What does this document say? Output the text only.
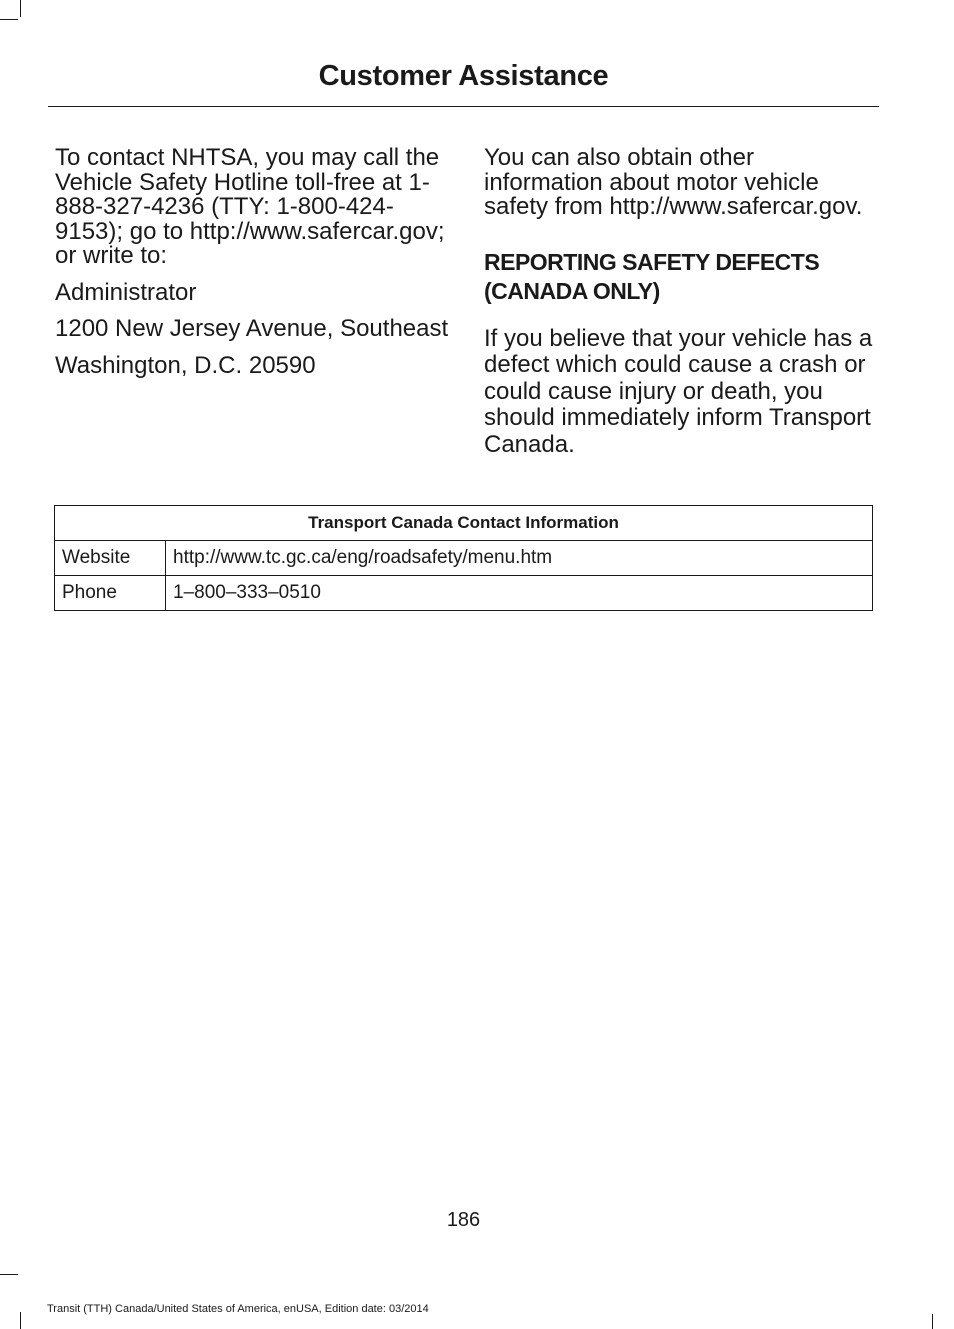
Customer Assistance

To contact NHTSA, you may call the Vehicle Safety Hotline toll-free at 1-888-327-4236 (TTY: 1-800-424-9153); go to http://www.safercar.gov; or write to:

Administrator

1200 New Jersey Avenue, Southeast

Washington, D.C. 20590

You can also obtain other information about motor vehicle safety from http://www.safercar.gov.

REPORTING SAFETY DEFECTS (CANADA ONLY)

If you believe that your vehicle has a defect which could cause a crash or could cause injury or death, you should immediately inform Transport Canada.

Transport Canada Contact Information	
Website	http://www.tc.gc.ca/eng/roadsafety/menu.htm
Phone	1–800–333–0510
186
Transit (TTH) Canada/United States of America, enUSA, Edition date: 03/2014
